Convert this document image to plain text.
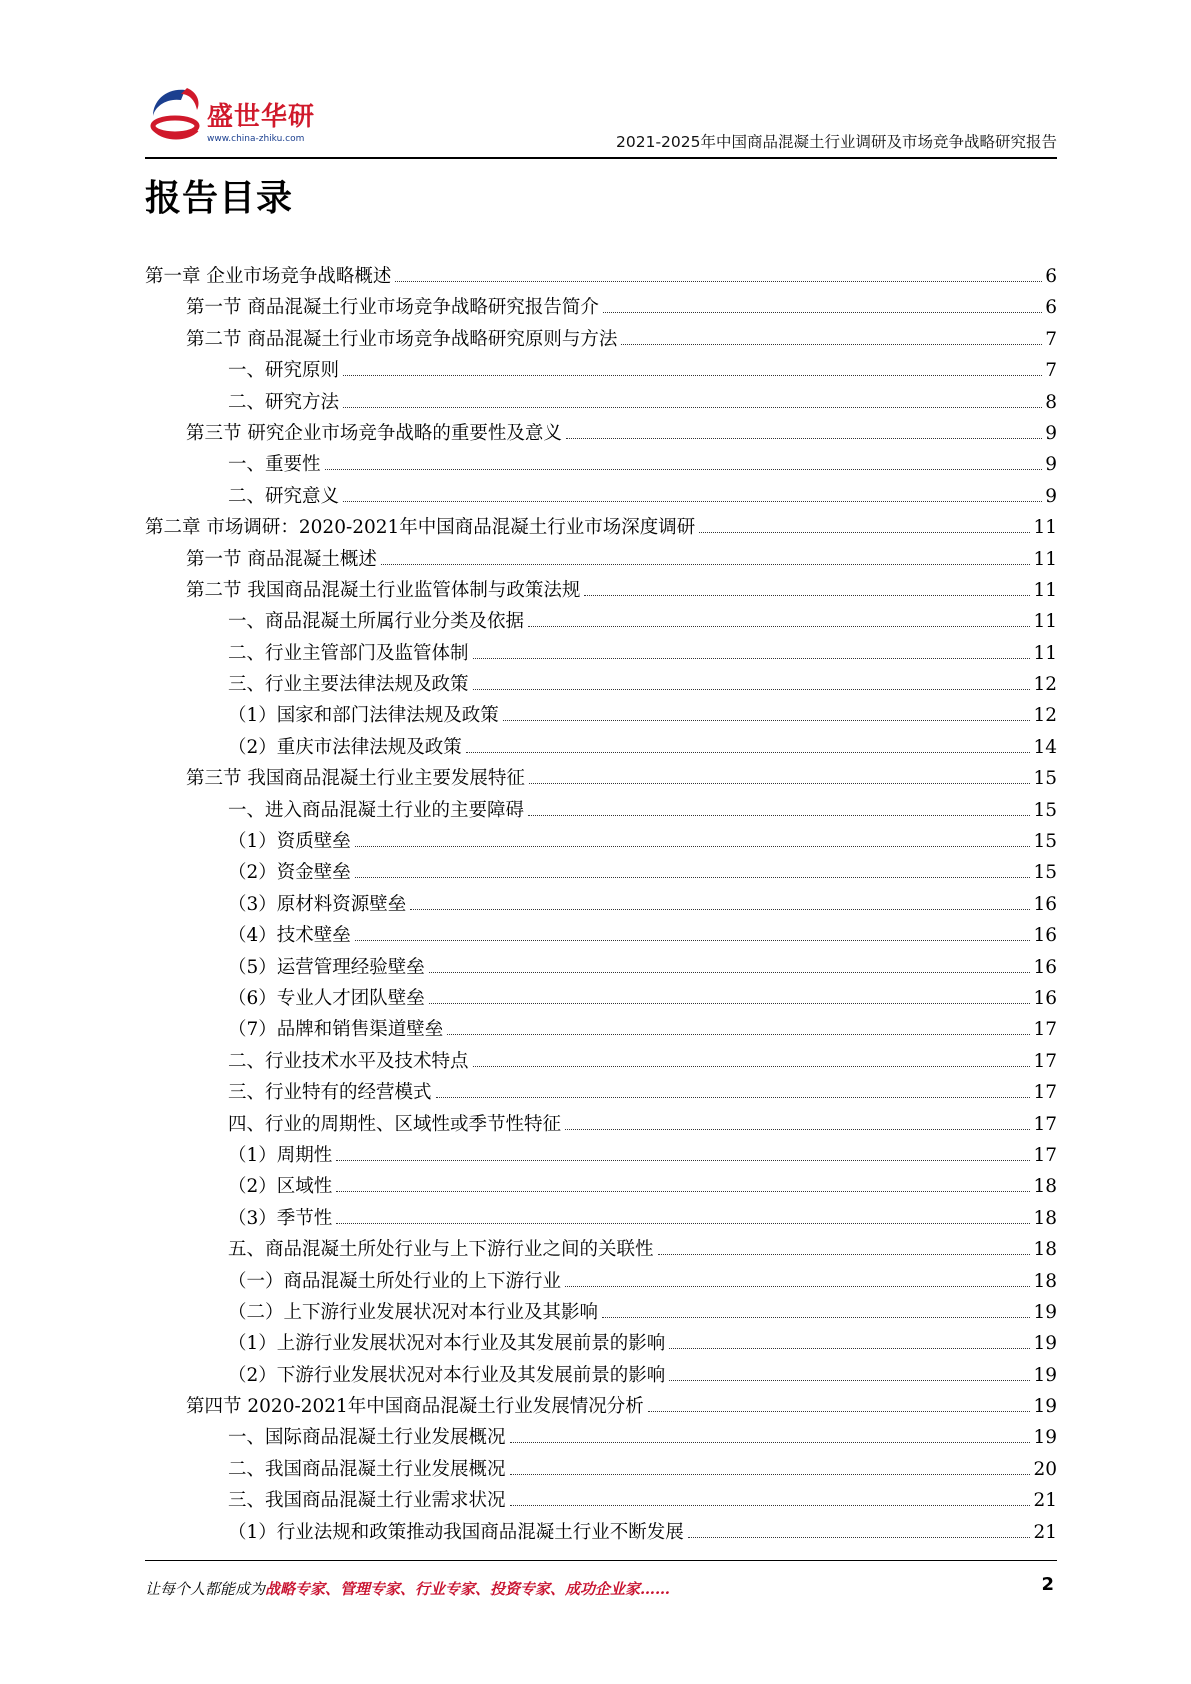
盛世华研
www.china-zhiku.com	2021-2025年中国商品混凝土行业调研及市场竞争战略研究报告
报告目录
第一章 企业市场竞争战略概述	6
第一节 商品混凝土行业市场竞争战略研究报告简介	6
第二节 商品混凝土行业市场竞争战略研究原则与方法	7
一、研究原则	7
二、研究方法	8
第三节 研究企业市场竞争战略的重要性及意义	9
一、重要性	9
二、研究意义	9
第二章 市场调研：2020-2021年中国商品混凝土行业市场深度调研	11
第一节 商品混凝土概述	11
第二节 我国商品混凝土行业监管体制与政策法规	11
一、商品混凝土所属行业分类及依据	11
二、行业主管部门及监管体制	11
三、行业主要法律法规及政策	12
（1）国家和部门法律法规及政策	12
（2）重庆市法律法规及政策	14
第三节 我国商品混凝土行业主要发展特征	15
一、进入商品混凝土行业的主要障碍	15
（1）资质壁垒	15
（2）资金壁垒	15
（3）原材料资源壁垒	16
（4）技术壁垒	16
（5）运营管理经验壁垒	16
（6）专业人才团队壁垒	16
（7）品牌和销售渠道壁垒	17
二、行业技术水平及技术特点	17
三、行业特有的经营模式	17
四、行业的周期性、区域性或季节性特征	17
（1）周期性	17
（2）区域性	18
（3）季节性	18
五、商品混凝土所处行业与上下游行业之间的关联性	18
（一）商品混凝土所处行业的上下游行业	18
（二）上下游行业发展状况对本行业及其影响	19
（1）上游行业发展状况对本行业及其发展前景的影响	19
（2）下游行业发展状况对本行业及其发展前景的影响	19
第四节 2020-2021年中国商品混凝土行业发展情况分析	19
一、国际商品混凝土行业发展概况	19
二、我国商品混凝土行业发展概况	20
三、我国商品混凝土行业需求状况	21
（1）行业法规和政策推动我国商品混凝土行业不断发展	21
让每个人都能成为战略专家、管理专家、行业专家、投资专家、成功企业家……	2
